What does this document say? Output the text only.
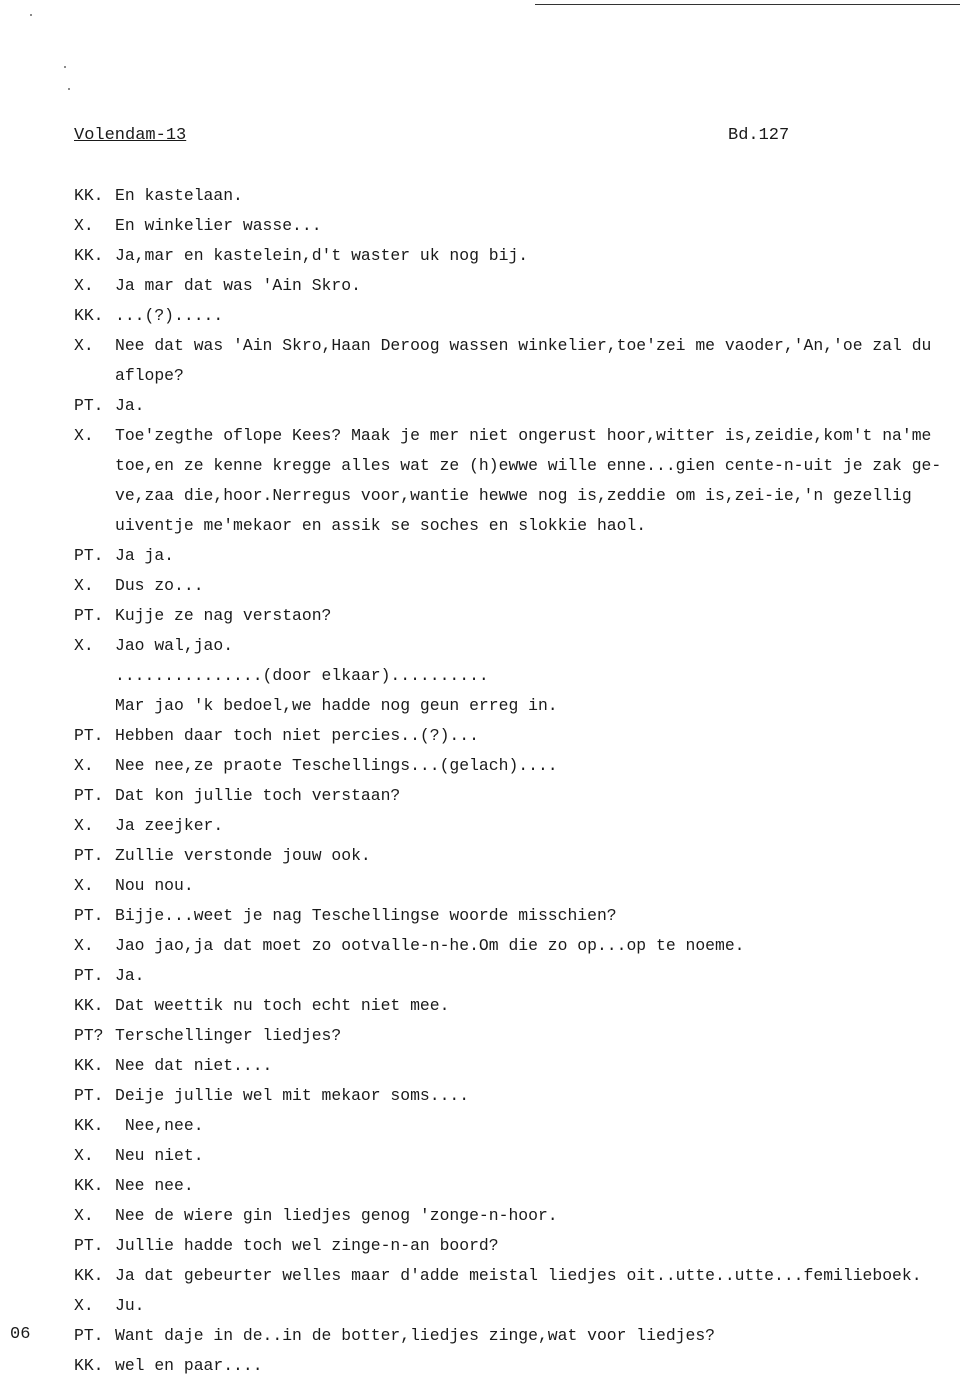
Volendam-13	Bd.127
06
KK. En kastelaan.
X. En winkelier wasse...
KK. Ja,mar en kastelein,d't waster uk nog bij.
X. Ja mar dat was 'Ain Skro.
KK. ...(?).....
X. Nee dat was 'Ain Skro,Haan Deroog wassen winkelier,toe'zei me vaoder,'An,'oe zal du
aflope?
PT. Ja.
X. Toe'zegthe oflope Kees? Maak je mer niet ongerust hoor,witter is,zeidie,kom't na'me
toe,en ze kenne kregge alles wat ze (h)ewwe wille enne...gien cente-n-uit je zak ge-
ve,zaa die,hoor.Nerregus voor,wantie hewwe nog is,zeddie om is,zei-ie,'n gezellig
uiventje me'mekaor en assik se soches en slokkie haol.
PT. Ja ja.
X. Dus zo...
PT. Kujje ze nag verstaon?
X. Jao wal,jao.
...............(door elkaar)..........
Mar jao 'k bedoel,we hadde nog geun erreg in.
PT. Hebben daar toch niet percies..(?)...
X. Nee nee,ze praote Teschellings...(gelach)....
PT. Dat kon jullie toch verstaan?
X. Ja zeejker.
PT. Zullie verstonde jouw ook.
X. Nou nou.
PT. Bijje...weet je nag Teschellingse woorde misschien?
X. Jao jao,ja dat moet zo ootvalle-n-he.Om die zo op...op te noeme.
PT. Ja.
KK. Dat weettik nu toch echt niet mee.
PT? Terschellinger liedjes?
KK. Nee dat niet....
PT. Deije jullie wel mit mekaor soms....
KK. Nee,nee.
X. Neu niet.
KK. Nee nee.
X. Nee de wiere gin liedjes genog 'zonge-n-hoor.
PT. Jullie hadde toch wel zinge-n-an boord?
KK. Ja dat gebeurter welles maar d'adde meistal liedjes oit..utte..utte...femilieboek.
X. Ju.
PT. Want daje in de..in de botter,liedjes zinge,wat voor liedjes?
KK. wel en paar....
